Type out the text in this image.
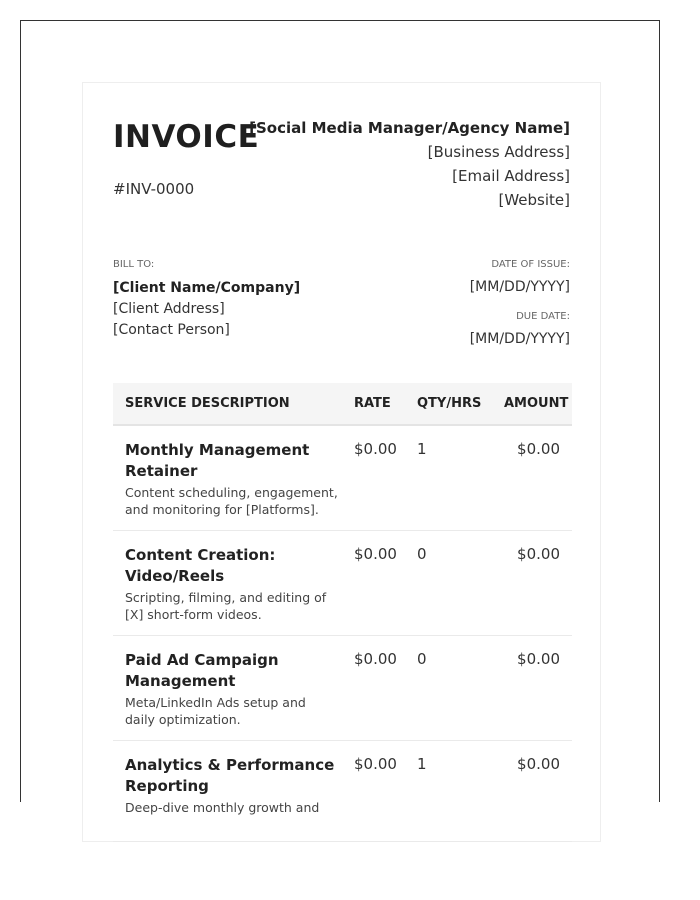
INVOICE
#INV-0000
[Social Media Manager/Agency Name]
[Business Address]
[Email Address]
[Website]
BILL TO:
[Client Name/Company]
[Client Address]
[Contact Person]
DATE OF ISSUE:
[MM/DD/YYYY]
DUE DATE:
[MM/DD/YYYY]
SERVICE DESCRIPTION	RATE	QTY/HRS	AMOUNT

Monthly Management Retainer
Content scheduling, engagement, and monitoring for [Platforms].	$0.00	1	$0.00

Content Creation: Video/Reels
Scripting, filming, and editing of [X] short-form videos.	$0.00	0	$0.00

Paid Ad Campaign Management
Meta/LinkedIn Ads setup and daily optimization.	$0.00	0	$0.00

Analytics & Performance Reporting
Deep-dive monthly growth and	$0.00	1	$0.00
